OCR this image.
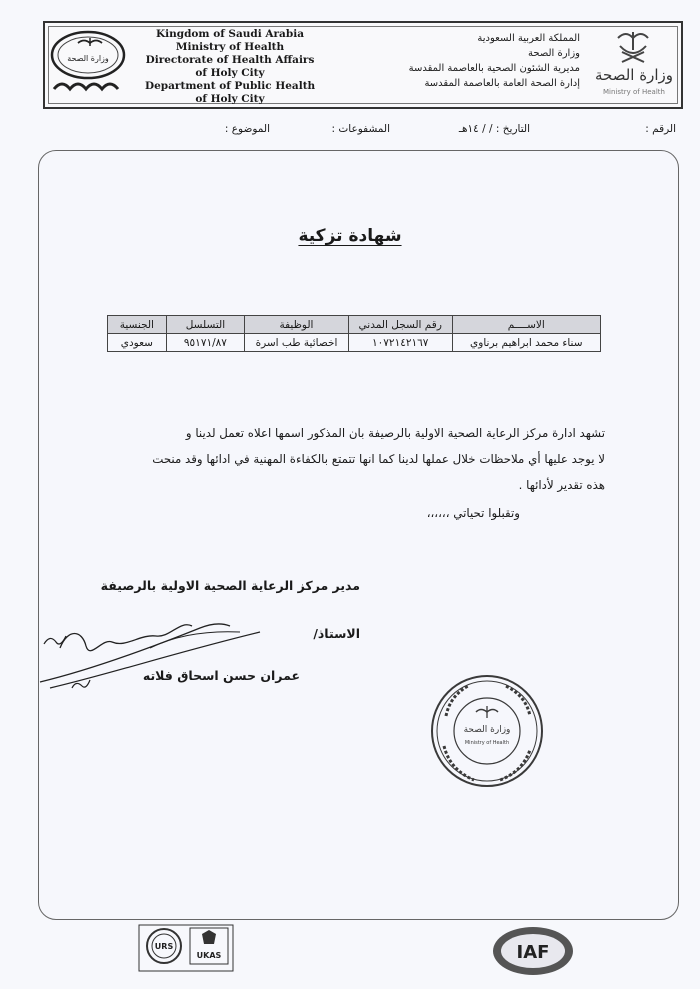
وزارة الصحة
Kingdom of Saudi Arabia
Ministry of Health
Directorate of Health Affairs
of Holy City
Department of Public Health
of Holy City
المملكة العربية السعودية
وزارة الصحة
مديرية الشئون الصحية بالعاصمة المقدسة
إدارة الصحة العامة بالعاصمة المقدسة وزارة الصحة
Ministry of Health
الرقم :
التاريخ : / / ١٤هـ
المشفوعات :
الموضوع :
شهادة تزكية
الاســــم	رقم السجل المدني	الوظيفة	التسلسل	الجنسية
سناء محمد ابراهيم برناوي	١٠٧٢١٤٢١٦٧	اخصائية طب اسرة	٩٥١٧١/٨٧	سعودي

تشهد ادارة مركز الرعاية الصحية الاولية بالرصيفة بان المذكور اسمها اعلاه تعمل لدينا و

لا يوجد عليها أي ملاحظات خلال عملها لدينا كما انها تتمتع بالكفاءة المهنية في ادائها وقد منحت

هذه تقدير لأدائها .

وتقبلوا تحياتي ،،،،،،
مدير مركز الرعاية الصحية الاولية بالرصيفة
الاستاذ/
عمران حسن اسحاق فلاته
وزارة الصحة
Ministry of Health
URS
UKAS	IAF
